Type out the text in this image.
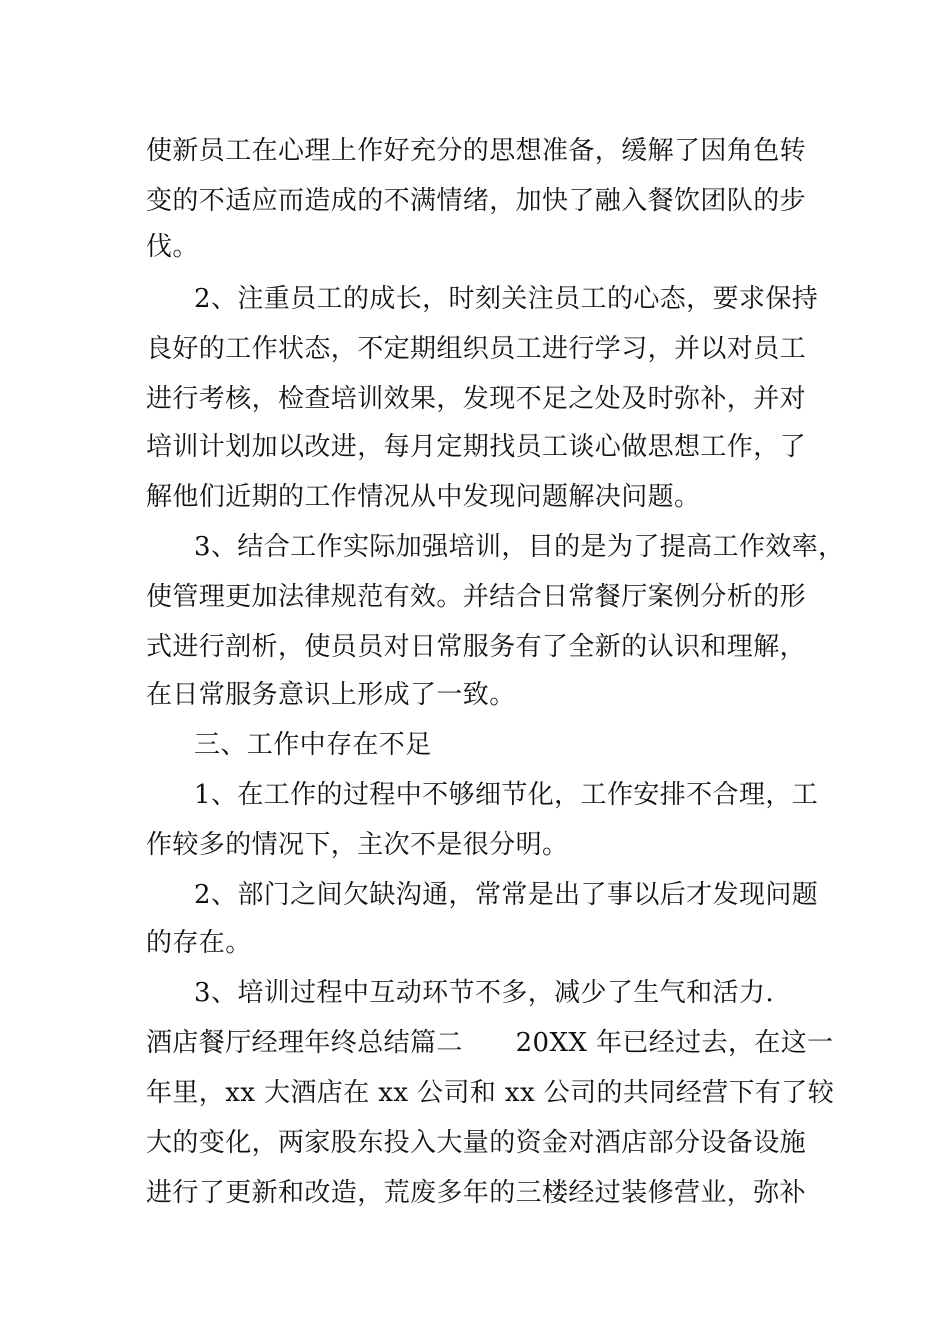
使新员工在心理上作好充分的思想准备，缓解了因角色转
变的不适应而造成的不满情绪，加快了融入餐饮团队的步
伐。
2、注重员工的成长，时刻关注员工的心态，要求保持
良好的工作状态，不定期组织员工进行学习，并以对员工
进行考核，检查培训效果，发现不足之处及时弥补，并对
培训计划加以改进，每月定期找员工谈心做思想工作，了
解他们近期的工作情况从中发现问题解决问题。
3、结合工作实际加强培训，目的是为了提高工作效率，
使管理更加法律规范有效。并结合日常餐厅案例分析的形
式进行剖析，使员员对日常服务有了全新的认识和理解，
在日常服务意识上形成了一致。
三、工作中存在不足
1、在工作的过程中不够细节化，工作安排不合理，工
作较多的情况下，主次不是很分明。
2、部门之间欠缺沟通，常常是出了事以后才发现问题
的存在。
3、培训过程中互动环节不多，减少了生气和活力.
酒店餐厅经理年终总结篇二　　20XX 年已经过去，在这一
年里，xx 大酒店在 xx 公司和 xx 公司的共同经营下有了较
大的变化，两家股东投入大量的资金对酒店部分设备设施
进行了更新和改造，荒废多年的三楼经过装修营业，弥补
